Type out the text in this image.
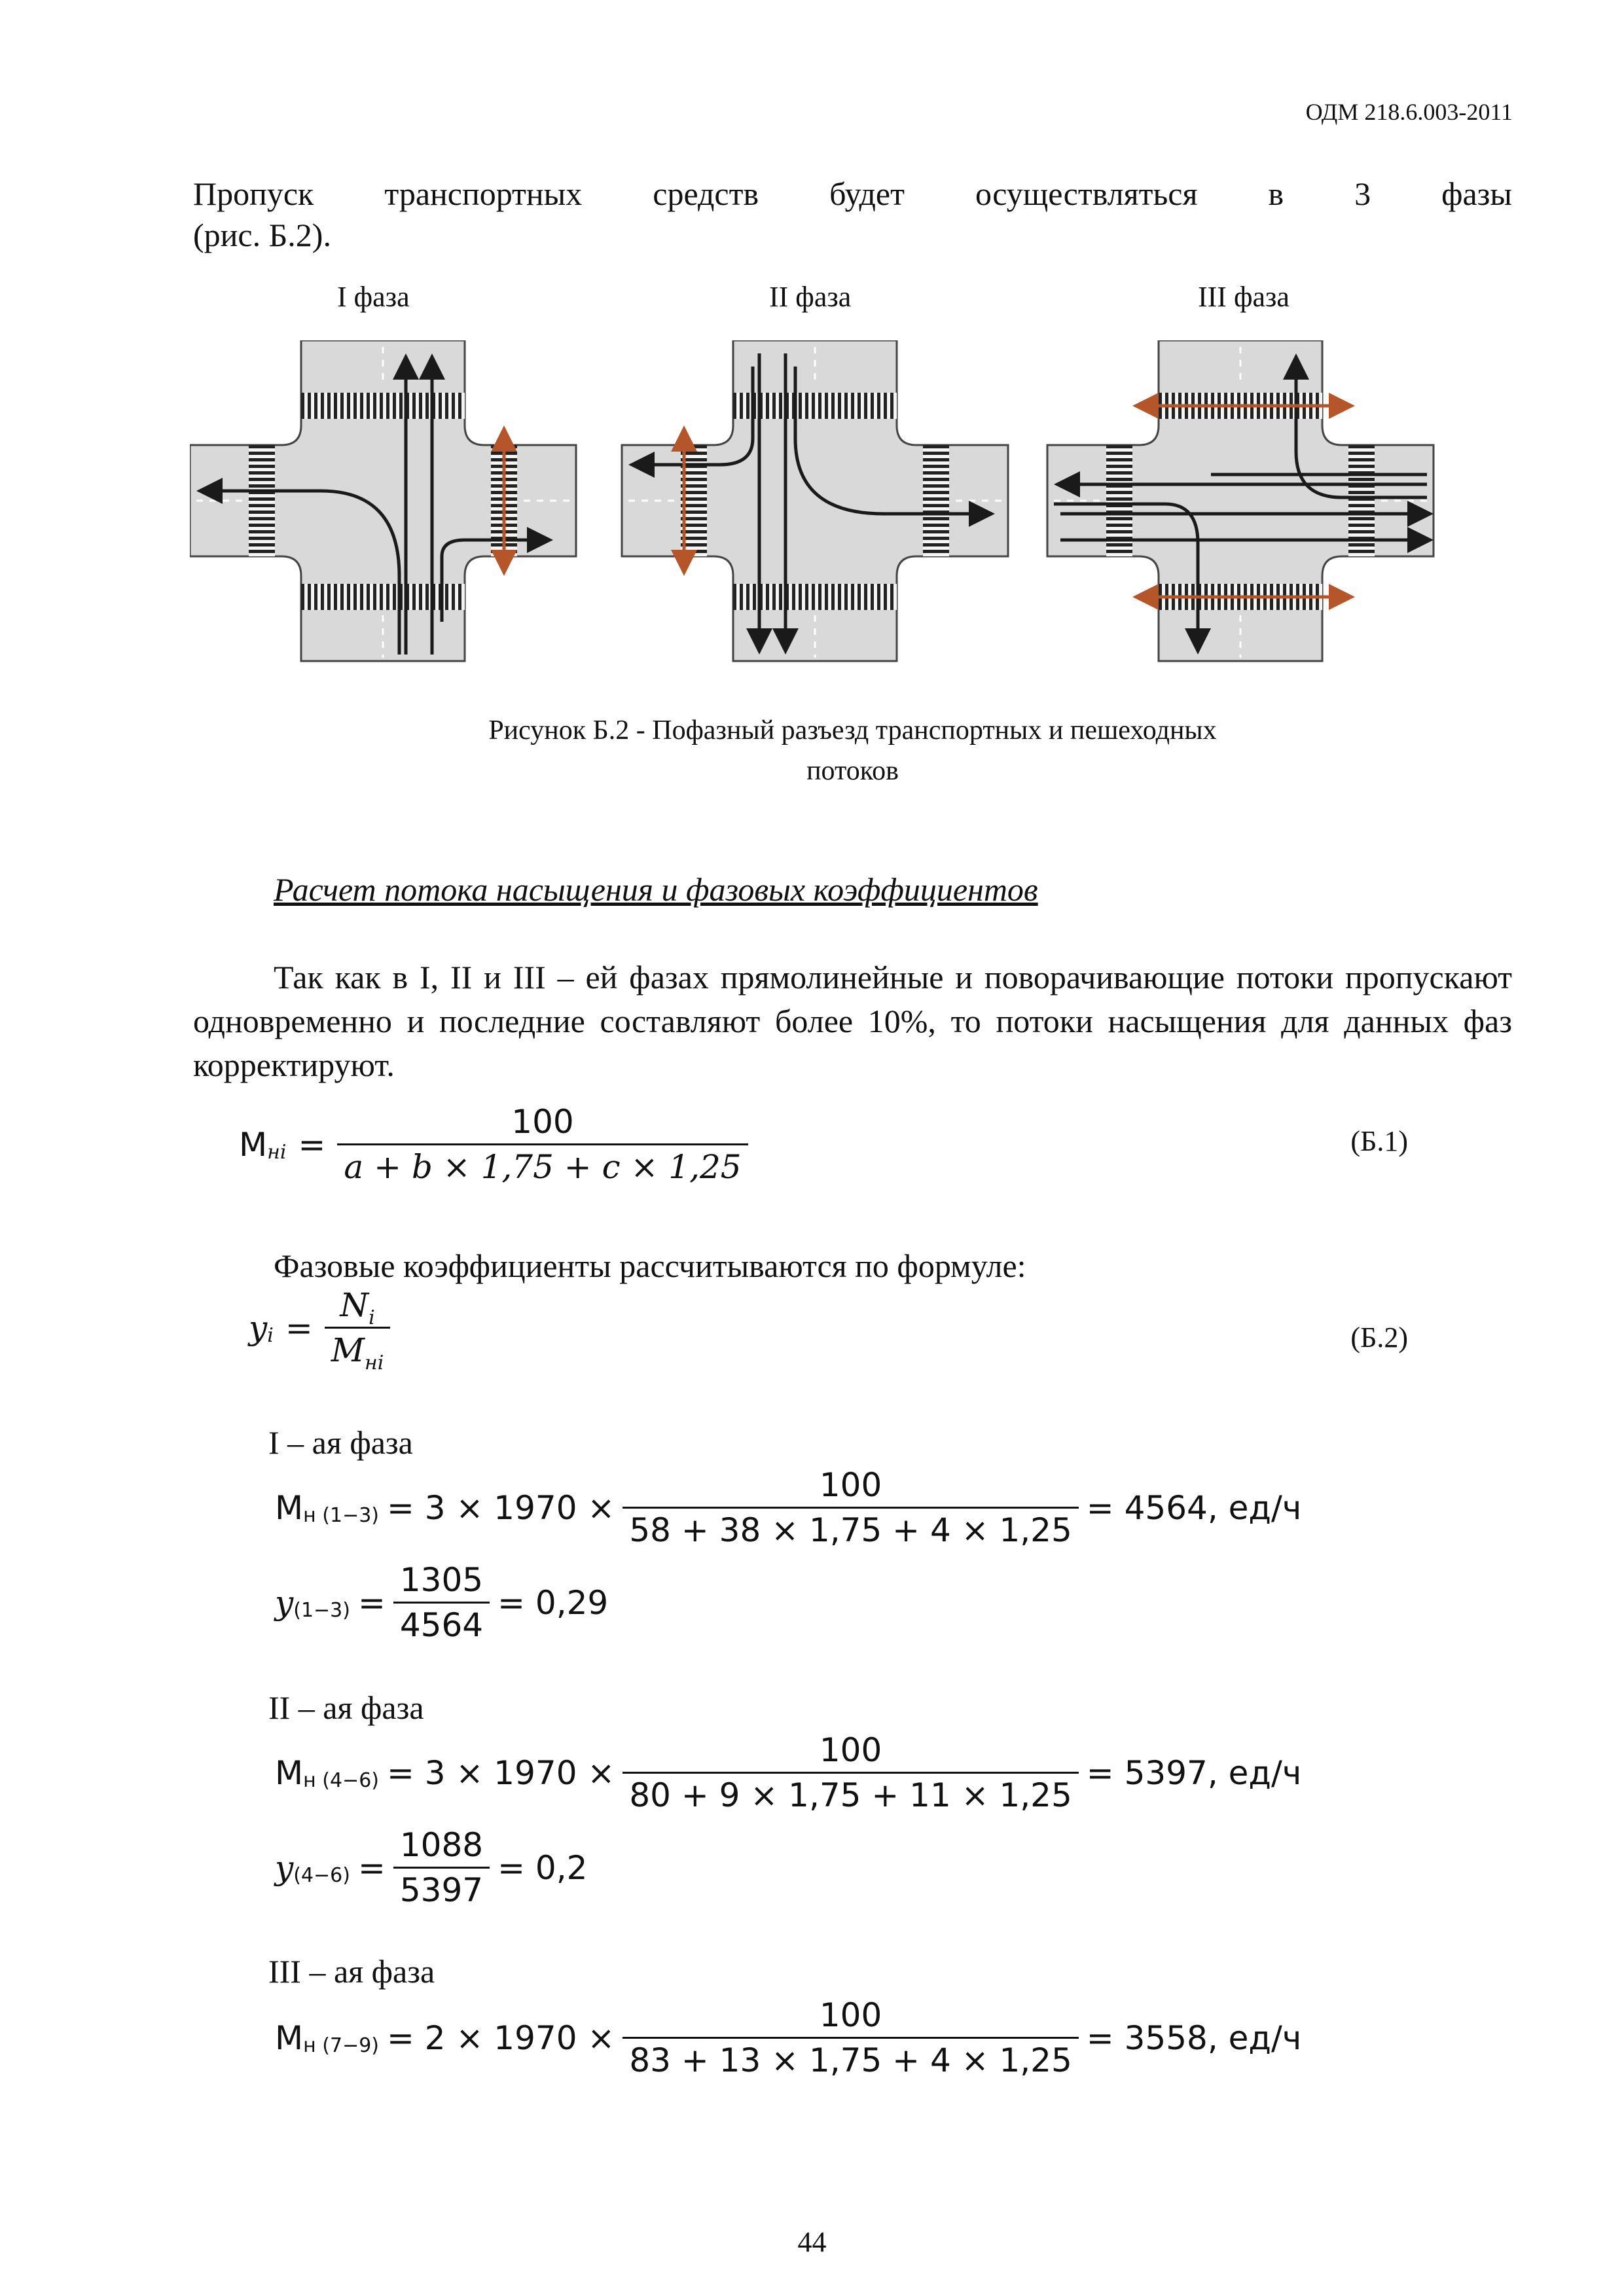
ОДМ 218.6.003-2011
Пропуск транспортных средств будет осуществляться в 3 фазы
(рис. Б.2).
I фаза	II фаза	III фаза
Рисунок Б.2 - Пофазный разъезд транспортных и пешеходных
потоков
Расчет потока насыщения и фазовых коэффициентов
Так как в I, II и III – ей фазах прямолинейные и поворачивающие потоки пропускают одновременно и последние составляют более 10%, то потоки насыщения для данных фаз корректируют.
М нi = $\frac{100}{a + b \times 1,75 + c \times 1,25}$	(Б.1)
Фазовые коэффициенты рассчитываются по формуле:
y $i = \frac{N_i}{M_{нi}}$	(Б.2)
I – ая фаза
М н $(1-3) = 3 \times 1970 \times \frac{100}{58 + 38 \times 1,75 + 4 \times 1,25} = 4564$, ед/ч
y $(1-3) = \frac{1305}{4564} = 0,29$
II – ая фаза
М н $(4-6) = 3 \times 1970 \times \frac{100}{80 + 9 \times 1,75 + 11 \times 1,25} = 5397$, ед/ч
y $(4-6) = \frac{1088}{5397} = 0,2$
III – ая фаза
М н $(7-9) = 2 \times 1970 \times \frac{100}{83 + 13 \times 1,75 + 4 \times 1,25} = 3558$, ед/ч
44
